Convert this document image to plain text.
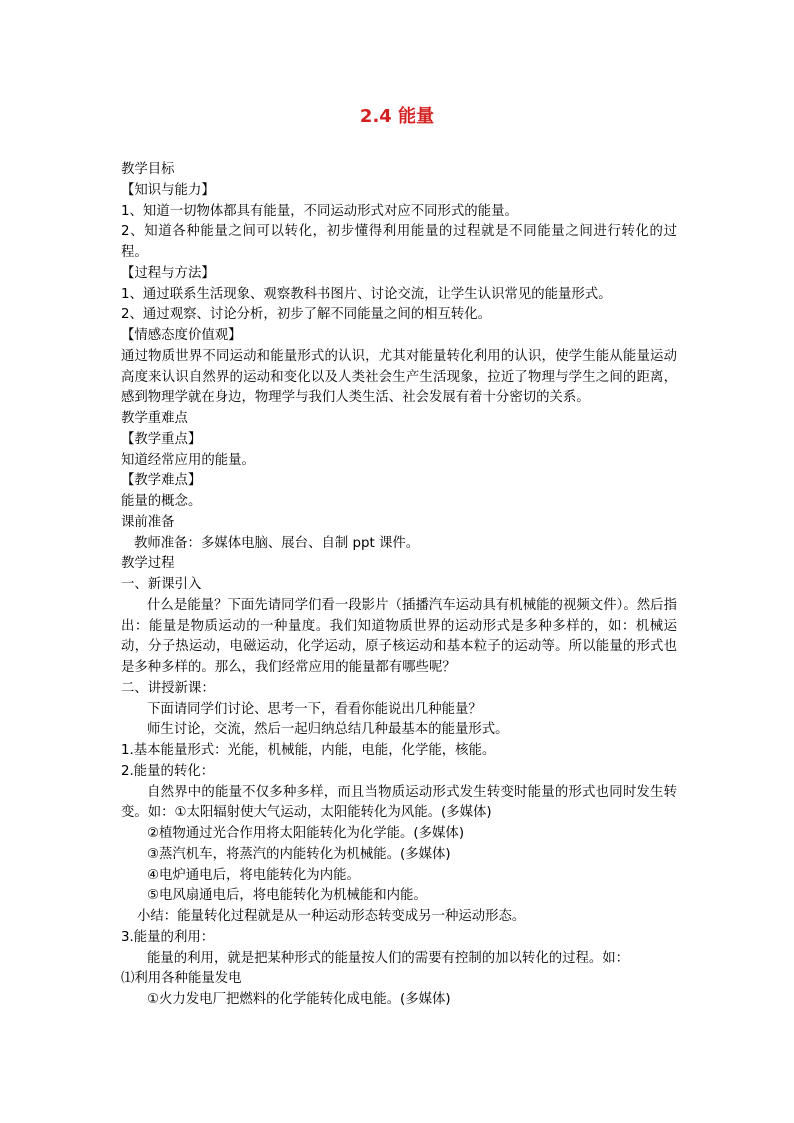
2.4 能量
教学目标
【知识与能力】
1、知道一切物体都具有能量，不同运动形式对应不同形式的能量。
2、知道各种能量之间可以转化，初步懂得利用能量的过程就是不同能量之间进行转化的过程。
【过程与方法】
1、通过联系生活现象、观察教科书图片、讨论交流，让学生认识常见的能量形式。
2、通过观察、讨论分析，初步了解不同能量之间的相互转化。
【情感态度价值观】
通过物质世界不同运动和能量形式的认识，尤其对能量转化利用的认识，使学生能从能量运动高度来认识自然界的运动和变化以及人类社会生产生活现象，拉近了物理与学生之间的距离，感到物理学就在身边，物理学与我们人类生活、社会发展有着十分密切的关系。
教学重难点
【教学重点】
知道经常应用的能量。
【教学难点】
能量的概念。
课前准备
教师准备：多媒体电脑、展台、自制 ppt 课件。
教学过程
一、新课引入
什么是能量？下面先请同学们看一段影片（插播汽车运动具有机械能的视频文件）。然后指出：能量是物质运动的一种量度。我们知道物质世界的运动形式是多种多样的，如：机械运动，分子热运动，电磁运动，化学运动，原子核运动和基本粒子的运动等。所以能量的形式也是多种多样的。那么，我们经常应用的能量都有哪些呢？
二、讲授新课：
下面请同学们讨论、思考一下，看看你能说出几种能量？
师生讨论，交流，然后一起归纳总结几种最基本的能量形式。
1.基本能量形式：光能，机械能，内能，电能，化学能，核能。
2.能量的转化：
自然界中的能量不仅多种多样，而且当物质运动形式发生转变时能量的形式也同时发生转变。如：①太阳辐射使大气运动，太阳能转化为风能。(多媒体)
②植物通过光合作用将太阳能转化为化学能。(多媒体)
③蒸汽机车，将蒸汽的内能转化为机械能。(多媒体)
④电炉通电后，将电能转化为内能。
⑤电风扇通电后，将电能转化为机械能和内能。
小结：能量转化过程就是从一种运动形态转变成另一种运动形态。
3.能量的利用：
能量的利用，就是把某种形式的能量按人们的需要有控制的加以转化的过程。如：
⑴利用各种能量发电
①火力发电厂把燃料的化学能转化成电能。(多媒体)
